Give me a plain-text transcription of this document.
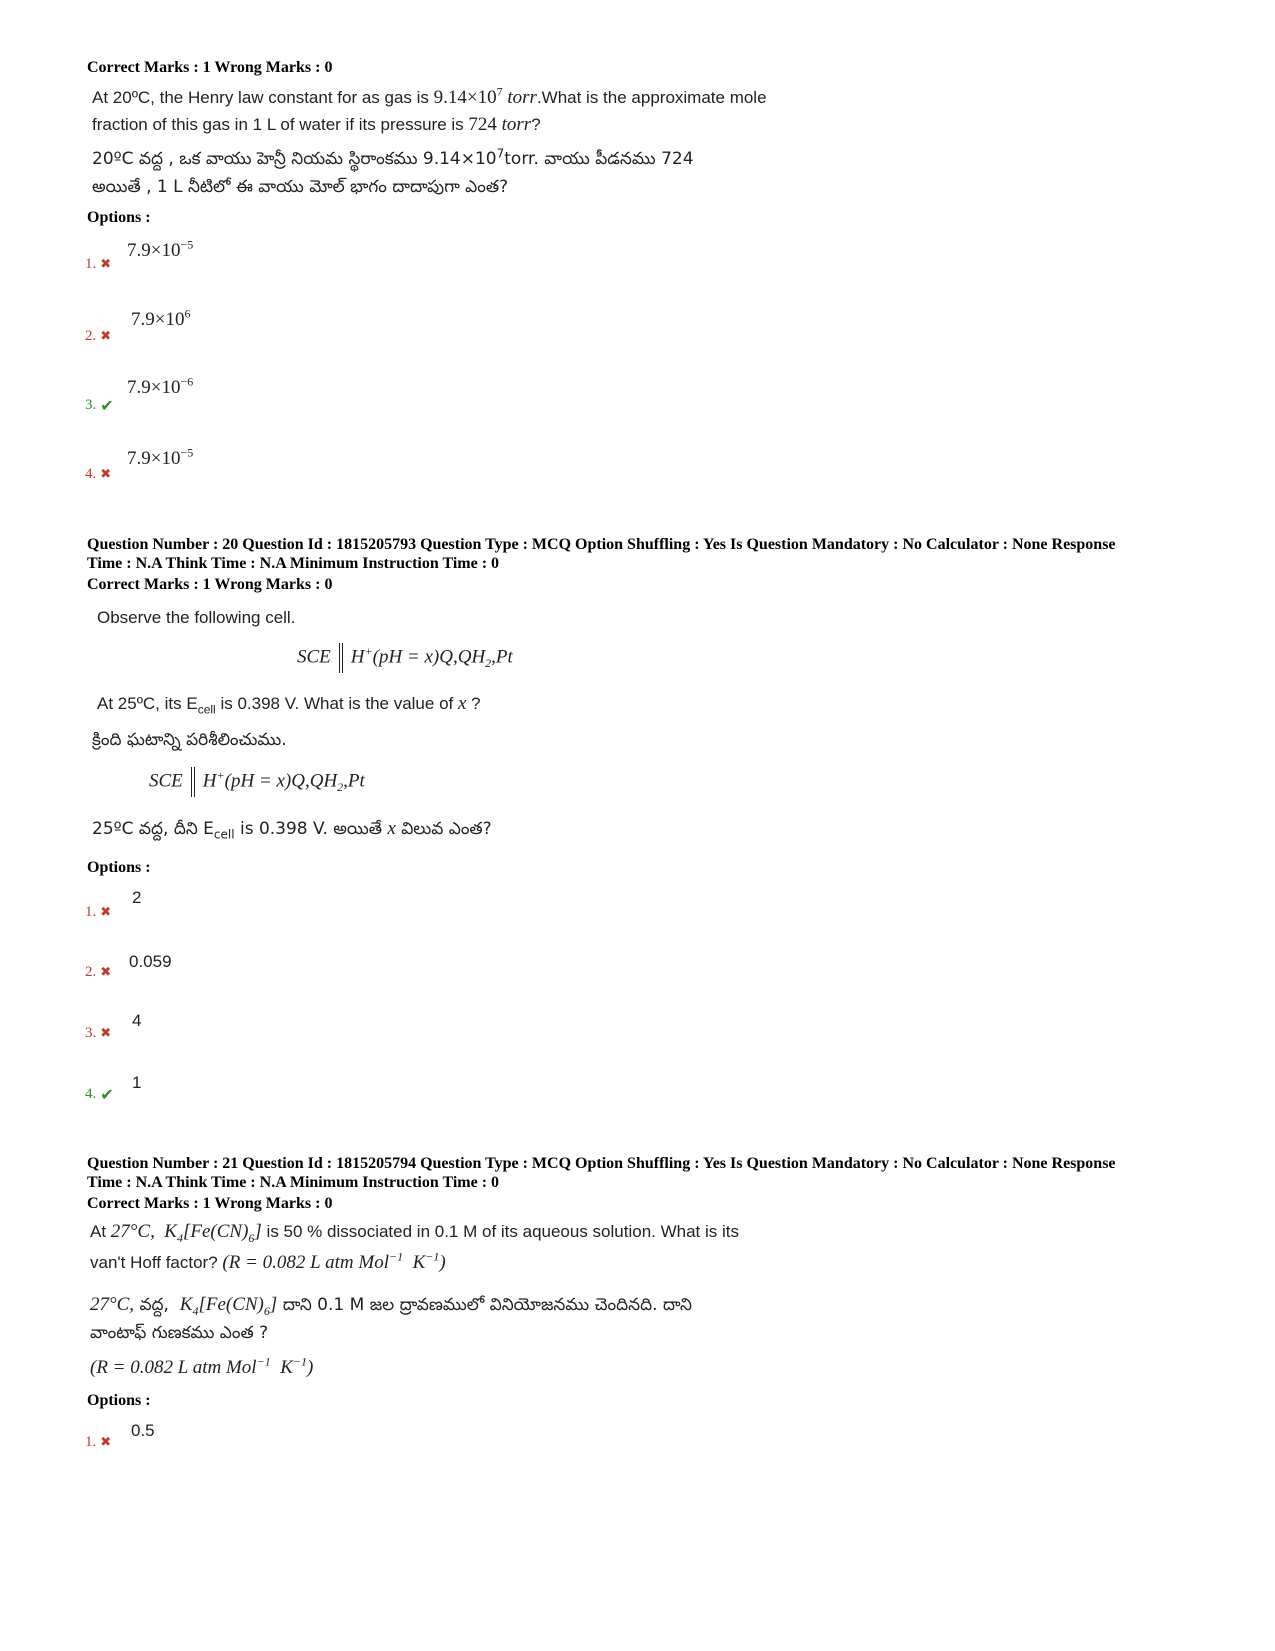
Correct Marks : 1 Wrong Marks : 0
At 20ºC, the Henry law constant for as gas is $9.14\times 10^7$ torr.What is the approximate mole
fraction of this gas in 1 L of water if its pressure is 724 torr?
20ºC వద్ద , ఒక వాయు హెన్రీ నియమ స్థిరాంకము $9.14\times 10^7torr$. వాయు పీడనము 724
అయితే , 1 L నీటిలో ఈ వాయు మోల్ భాగం దాదాపుగా ఎంత?
Options :
1. ✖
$7.9\times 10^{-5}$
2. ✖
$7.9\times 10^6$
3. ✔
$7.9\times 10^{-6}$
4. ✖
$7.9\times 10^{-5}$
Question Number : 20 Question Id : 1815205793 Question Type : MCQ Option Shuffling : Yes Is Question Mandatory : No Calculator : None Response
Time : N.A Think Time : N.A Minimum Instruction Time : 0
Correct Marks : 1 Wrong Marks : 0
Observe the following cell.
SCE $H^+(pH = x)Q,QH_2,Pt$
At 25ºC, its $E_{cell}$ is 0.398 V. What is the value of x ?
క్రింది ఘటాన్ని పరిశీలించుము.
SCE $H^+(pH = x)Q,QH_2,Pt$
25ºC వద్ద, దీని $E_{cell}$ is 0.398 V. అయితే x విలువ ఎంత?
Options :
1. ✖
2
2. ✖
0.059
3. ✖
4
4. ✔
1
Question Number : 21 Question Id : 1815205794 Question Type : MCQ Option Shuffling : Yes Is Question Mandatory : No Calculator : None Response
Time : N.A Think Time : N.A Minimum Instruction Time : 0
Correct Marks : 1 Wrong Marks : 0
At 27°C, $K_4[Fe(CN)_6]$ is 50 % dissociated in 0.1 M of its aqueous solution. What is its
van't Hoff factor? (R = 0.082 L atm Mol$^{-1}$ $K^{-1}$)
27°C, వద్ద, $K_4[Fe(CN)_6]$ దాని 0.1 M జల ద్రావణములో వినియోజనము చెందినది. దాని
వాంటాఫ్ గుణకము ఎంత ?
(R = 0.082 L atm Mol$^{-1}$ $K^{-1}$)
Options :
1. ✖
0.5
